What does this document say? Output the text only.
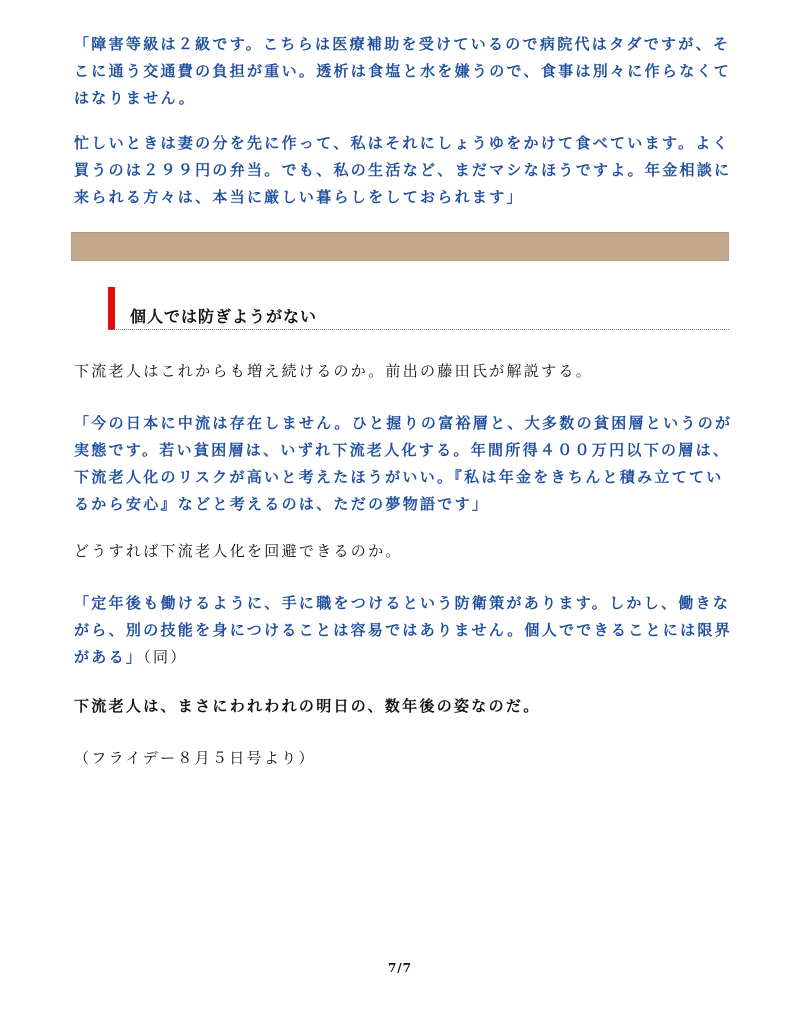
「障害等級は２級です。こちらは医療補助を受けているので病院代はタダですが、そこに通う交通費の負担が重い。透析は食塩と水を嫌うので、食事は別々に作らなくてはなりません。

忙しいときは妻の分を先に作って、私はそれにしょうゆをかけて食べています。よく買うのは２９９円の弁当。でも、私の生活など、まだマシなほうですよ。年金相談に来られる方々は、本当に厳しい暮らしをしておられます」

個人では防ぎようがない

下流老人はこれからも増え続けるのか。前出の藤田氏が解説する。

「今の日本に中流は存在しません。ひと握りの富裕層と、大多数の貧困層というのが実態です。若い貧困層は、いずれ下流老人化する。年間所得４００万円以下の層は、下流老人化のリスクが高いと考えたほうがいい。『私は年金をきちんと積み立てているから安心』などと考えるのは、ただの夢物語です」

どうすれば下流老人化を回避できるのか。

「定年後も働けるように、手に職をつけるという防衛策があります。しかし、働きながら、別の技能を身につけることは容易ではありません。個人でできることには限界がある」（同）

下流老人は、まさにわれわれの明日の、数年後の姿なのだ。

（フライデー８月５日号より）

7/7
